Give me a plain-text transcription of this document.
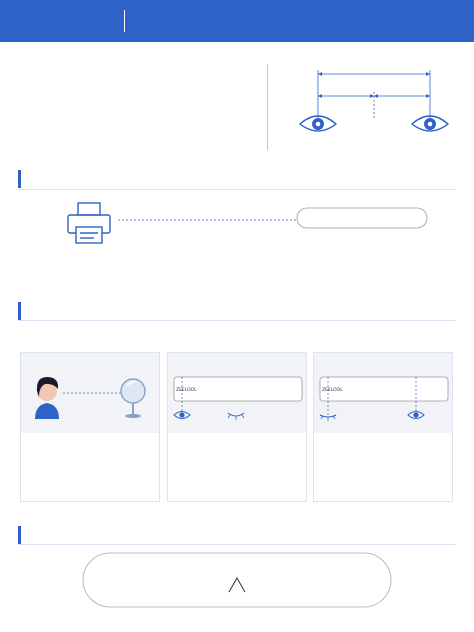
ZEELOOL	ZEELOOL
